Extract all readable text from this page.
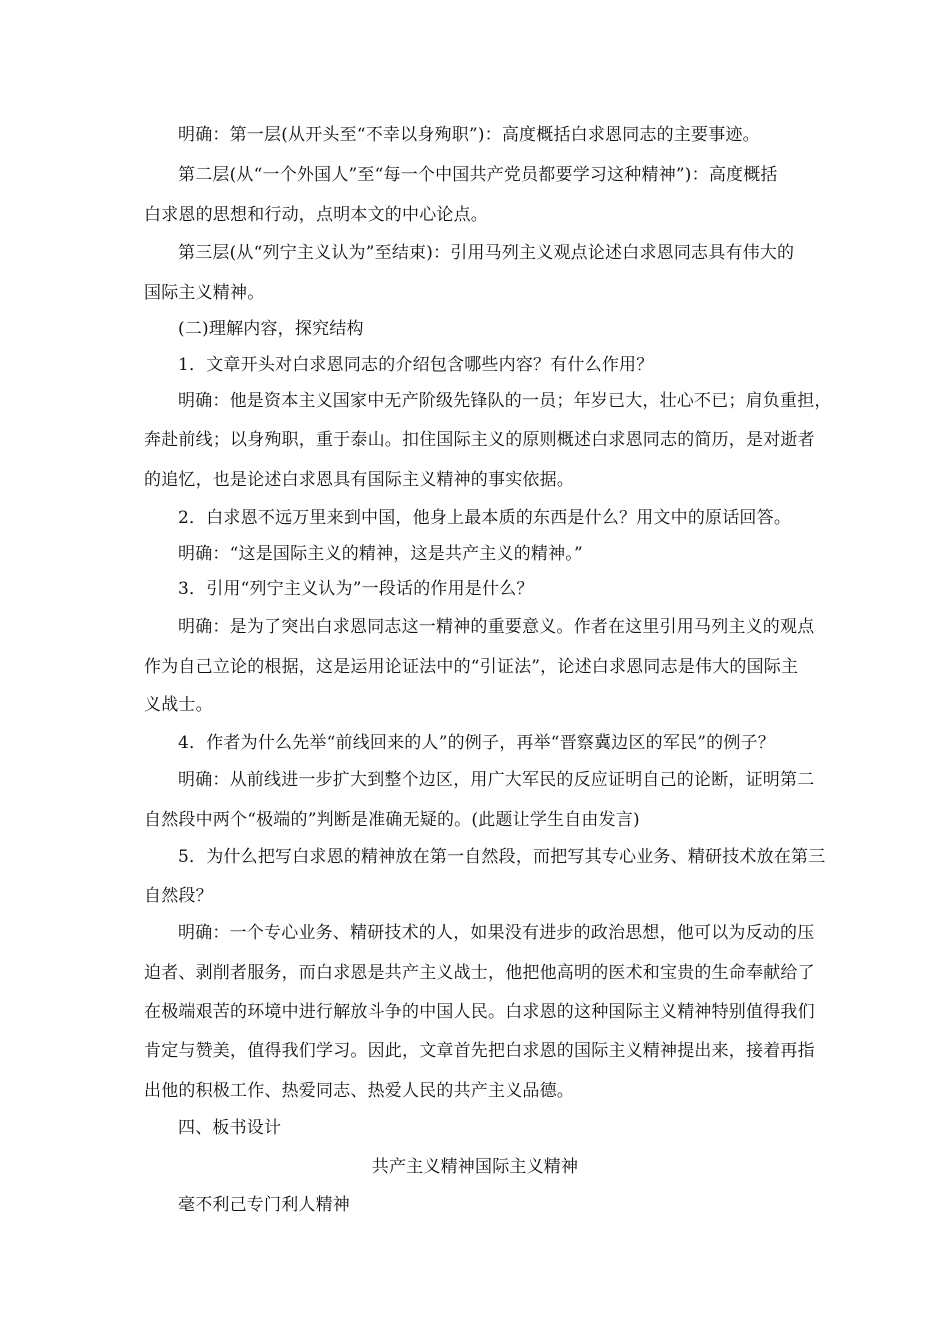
明确：第一层(从开头至“不幸以身殉职”)：高度概括白求恩同志的主要事迹。
第二层(从“一个外国人”至“每一个中国共产党员都要学习这种精神”)：高度概括
白求恩的思想和行动，点明本文的中心论点。
第三层(从“列宁主义认为”至结束)：引用马列主义观点论述白求恩同志具有伟大的
国际主义精神。
(二)理解内容，探究结构
1．文章开头对白求恩同志的介绍包含哪些内容？有什么作用？
明确：他是资本主义国家中无产阶级先锋队的一员；年岁已大，壮心不已；肩负重担，
奔赴前线；以身殉职，重于泰山。扣住国际主义的原则概述白求恩同志的简历，是对逝者
的追忆，也是论述白求恩具有国际主义精神的事实依据。
2．白求恩不远万里来到中国，他身上最本质的东西是什么？用文中的原话回答。
明确：“这是国际主义的精神，这是共产主义的精神。”
3．引用“列宁主义认为”一段话的作用是什么？
明确：是为了突出白求恩同志这一精神的重要意义。作者在这里引用马列主义的观点
作为自己立论的根据，这是运用论证法中的“引证法”，论述白求恩同志是伟大的国际主
义战士。
4．作者为什么先举“前线回来的人”的例子，再举“晋察冀边区的军民”的例子？
明确：从前线进一步扩大到整个边区，用广大军民的反应证明自己的论断，证明第二
自然段中两个“极端的”判断是准确无疑的。(此题让学生自由发言)
5．为什么把写白求恩的精神放在第一自然段，而把写其专心业务、精研技术放在第三
自然段？
明确：一个专心业务、精研技术的人，如果没有进步的政治思想，他可以为反动的压
迫者、剥削者服务，而白求恩是共产主义战士，他把他高明的医术和宝贵的生命奉献给了
在极端艰苦的环境中进行解放斗争的中国人民。白求恩的这种国际主义精神特别值得我们
肯定与赞美，值得我们学习。因此，文章首先把白求恩的国际主义精神提出来，接着再指
出他的积极工作、热爱同志、热爱人民的共产主义品德。
四、板书设计
共产主义精神国际主义精神
毫不利己专门利人精神
